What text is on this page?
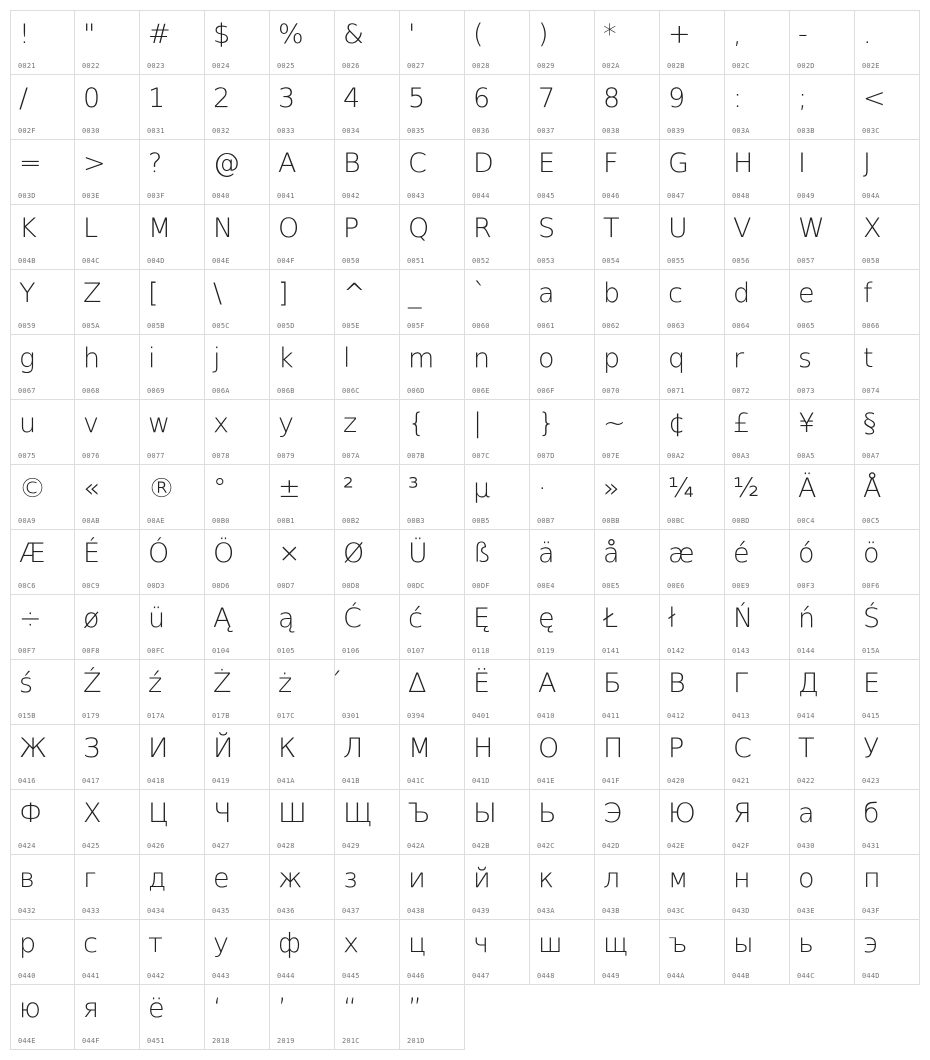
!
0021
"
0022
#
0023
$
0024
%
0025
&
0026
'
0027
(
0028
)
0029
*
002A
+
002B
,
002C
-
002D
.
002E
/
002F
0
0030
1
0031
2
0032
3
0033
4
0034
5
0035
6
0036
7
0037
8
0038
9
0039
:
003A
;
003B
<
003C
=
003D
>
003E
?
003F
@
0040
A
0041
B
0042
C
0043
D
0044
E
0045
F
0046
G
0047
H
0048
I
0049
J
004A
K
004B
L
004C
M
004D
N
004E
O
004F
P
0050
Q
0051
R
0052
S
0053
T
0054
U
0055
V
0056
W
0057
X
0058
Y
0059
Z
005A
[
005B
\
005C
]
005D
^
005E
_
005F
`
0060
a
0061
b
0062
c
0063
d
0064
e
0065
f
0066
g
0067
h
0068
i
0069
j
006A
k
006B
l
006C
m
006D
n
006E
o
006F
p
0070
q
0071
r
0072
s
0073
t
0074
u
0075
v
0076
w
0077
x
0078
y
0079
z
007A
{
007B
|
007C
}
007D
~
007E
¢
00A2
£
00A3
¥
00A5
§
00A7
©
00A9
«
00AB
®
00AE
°
00B0
±
00B1
²
00B2
³
00B3
µ
00B5
·
00B7
»
00BB
¼
00BC
½
00BD
Ä
00C4
Å
00C5
Æ
00C6
É
00C9
Ó
00D3
Ö
00D6
×
00D7
Ø
00D8
Ü
00DC
ß
00DF
ä
00E4
å
00E5
æ
00E6
é
00E9
ó
00F3
ö
00F6
÷
00F7
ø
00F8
ü
00FC
Ą
0104
ą
0105
Ć
0106
ć
0107
Ę
0118
ę
0119
Ł
0141
ł
0142
Ń
0143
ń
0144
Ś
015A
ś
015B
Ź
0179
ź
017A
Ż
017B
ż
017C	0301
Δ
0394
Ё
0401
А
0410
Б
0411
В
0412
Г
0413
Д
0414
Е
0415
Ж
0416
З
0417
И
0418
Й
0419
К
041A
Л
041B
М
041C
Н
041D
О
041E
П
041F
Р
0420
С
0421
Т
0422
У
0423
Ф
0424
Х
0425
Ц
0426
Ч
0427
Ш
0428
Щ
0429
Ъ
042A
Ы
042B
Ь
042C
Э
042D
Ю
042E
Я
042F
а
0430
б
0431
в
0432
г
0433
д
0434
е
0435
ж
0436
з
0437
и
0438
й
0439
к
043A
л
043B
м
043C
н
043D
о
043E
п
043F
р
0440
с
0441
т
0442
у
0443
ф
0444
х
0445
ц
0446
ч
0447
ш
0448
щ
0449
ъ
044A
ы
044B
ь
044C
э
044D
ю
044E
я
044F
ё
0451
‘
2018
’
2019
“
201C
”
201D
